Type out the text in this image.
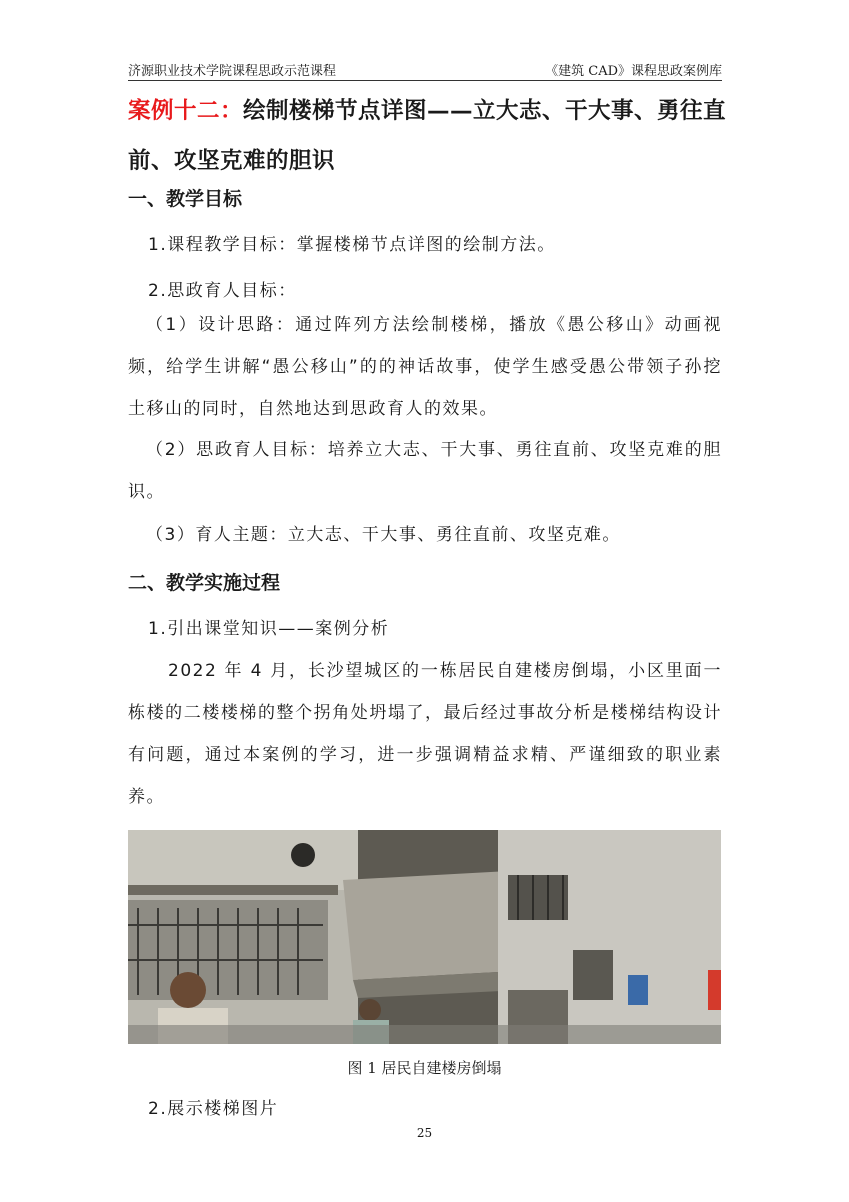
济源职业技术学院课程思政示范课程	《建筑 CAD》课程思政案例库
案例十二：绘制楼梯节点详图——立大志、干大事、勇往直
前、攻坚克难的胆识
一、教学目标
1.课程教学目标：掌握楼梯节点详图的绘制方法。
2.思政育人目标：
（1）设计思路：通过阵列方法绘制楼梯，播放《愚公移山》动画视频，给学生讲解“愚公移山”的的神话故事，使学生感受愚公带领子孙挖土移山的同时，自然地达到思政育人的效果。
（2）思政育人目标：培养立大志、干大事、勇往直前、攻坚克难的胆识。
（3）育人主题：立大志、干大事、勇往直前、攻坚克难。
二、教学实施过程
1.引出课堂知识——案例分析
2022 年 4 月，长沙望城区的一栋居民自建楼房倒塌，小区里面一栋楼的二楼楼梯的整个拐角处坍塌了，最后经过事故分析是楼梯结构设计有问题，通过本案例的学习，进一步强调精益求精、严谨细致的职业素养。
图 1 居民自建楼房倒塌
2.展示楼梯图片
25
